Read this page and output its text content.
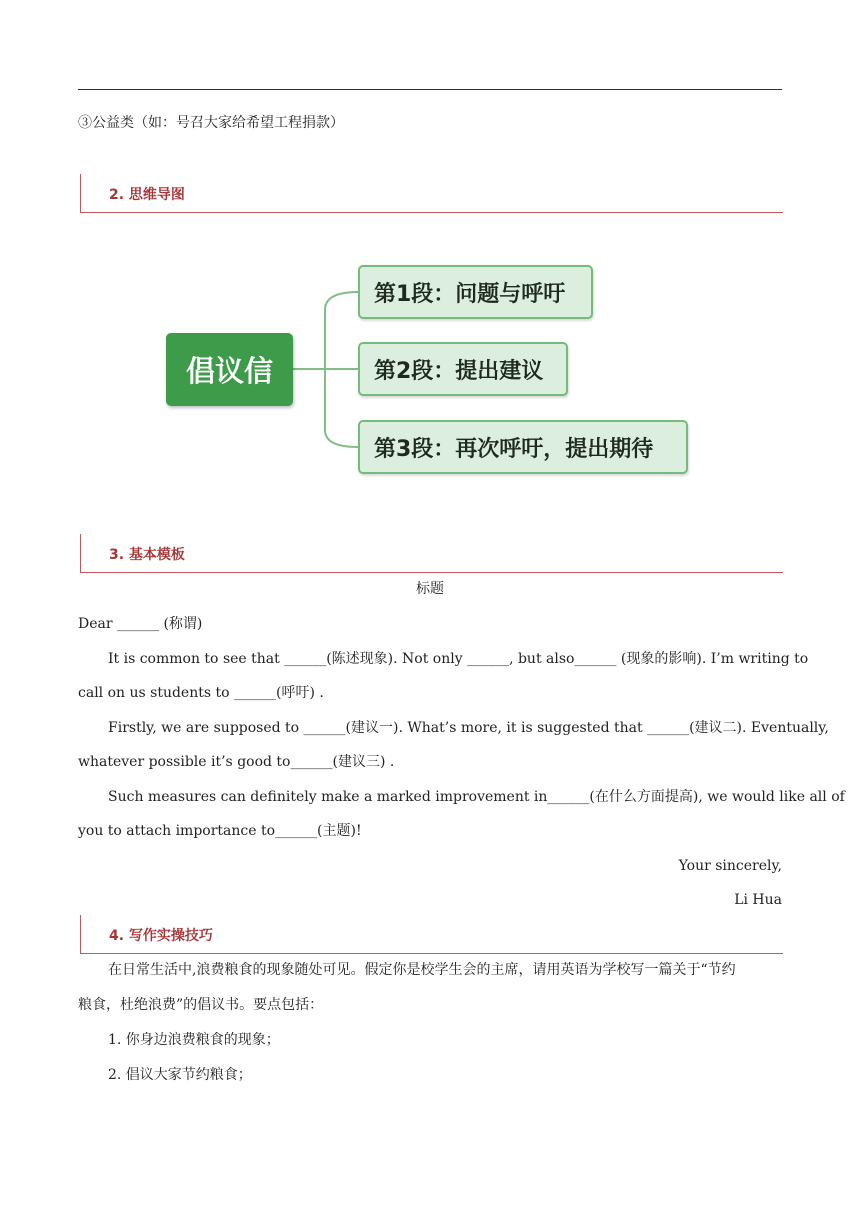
③公益类（如：号召大家给希望工程捐款）
2. 思维导图
倡议信
第1段：问题与呼吁
第2段：提出建议
第3段：再次呼吁，提出期待
3. 基本模板
标题
Dear ______ (称谓)
It is common to see that ______(陈述现象). Not only ______, but also______ (现象的影响). I’m writing to
call on us students to ______(呼吁) .
Firstly, we are supposed to ______(建议一). What’s more, it is suggested that ______(建议二). Eventually,
whatever possible it’s good to______(建议三) .
Such measures can definitely make a marked improvement in______(在什么方面提高), we would like all of
you to attach importance to______(主题)!
Your sincerely,
Li Hua
4. 写作实操技巧
在日常生活中,浪费粮食的现象随处可见。假定你是校学生会的主席，请用英语为学校写一篇关于“节约
粮食，杜绝浪费”的倡议书。要点包括：
1. 你身边浪费粮食的现象；
2. 倡议大家节约粮食；
